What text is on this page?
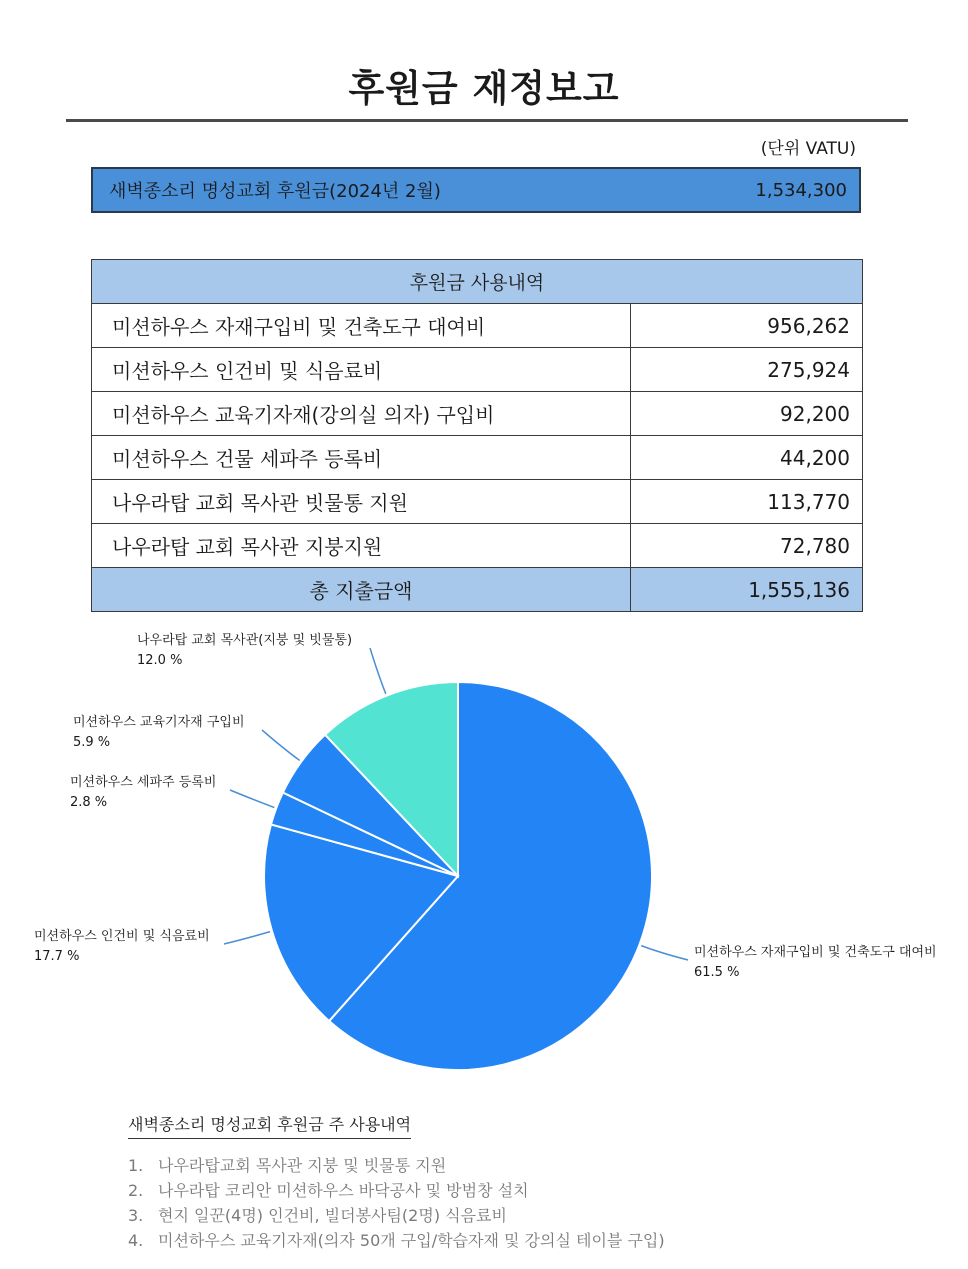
후원금 재정보고
(단위 VATU)
새벽종소리 명성교회 후원금(2024년 2월)	1,534,300
후원금 사용내역	
미션하우스 자재구입비 및 건축도구 대여비	956,262
미션하우스 인건비 및 식음료비	275,924
미션하우스 교육기자재(강의실 의자) 구입비	92,200
미션하우스 건물 세파주 등록비	44,200
나우라탑 교회 목사관 빗물통 지원	113,770
나우라탑 교회 목사관 지붕지원	72,780
총 지출금액	1,555,136
미션하우스 자재구입비 및 건축도구 대여비
61.5 %
미션하우스 인건비 및 식음료비
17.7 %
미션하우스 세파주 등록비
2.8 %
미션하우스 교육기자재 구입비
5.9 %
나우라탑 교회 목사관(지붕 및 빗물통)
12.0 %
새벽종소리 명성교회 후원금 주 사용내역
1. 나우라탑교회 목사관 지붕 및 빗물통 지원
2. 나우라탑 코리안 미션하우스 바닥공사 및 방범창 설치
3. 현지 일꾼(4명) 인건비, 빌더봉사팀(2명) 식음료비
4. 미션하우스 교육기자재(의자 50개 구입/학습자재 및 강의실 테이블 구입)
